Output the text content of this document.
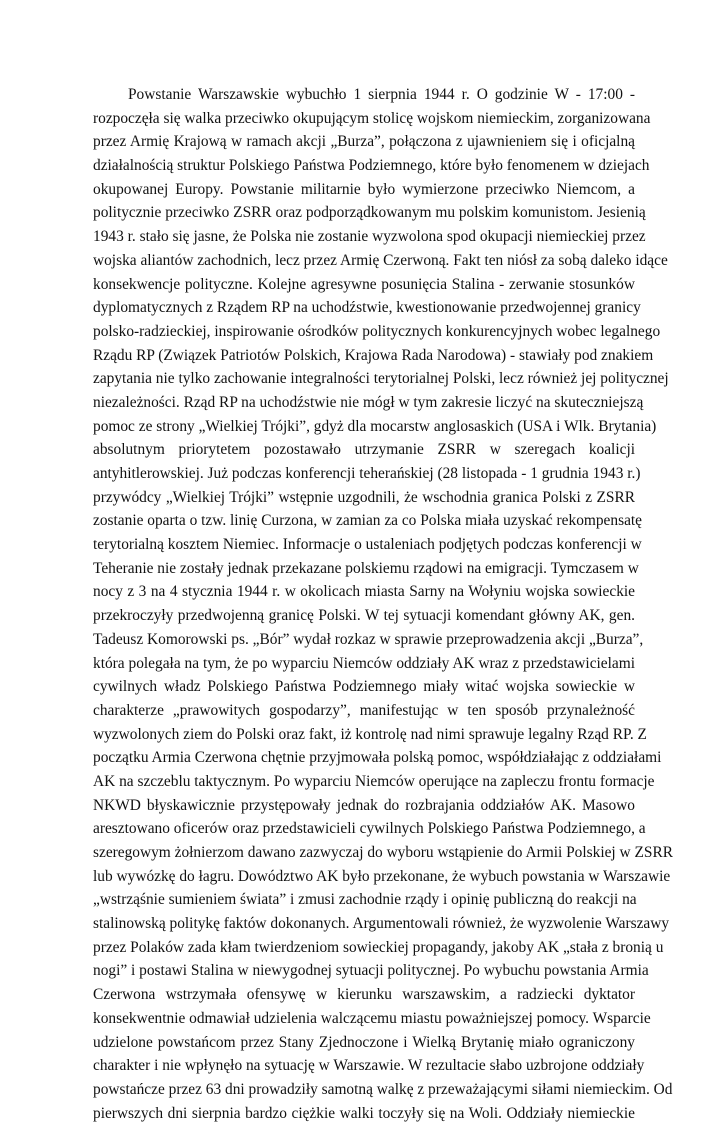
Powstanie Warszawskie wybuchło 1 sierpnia 1944 r. O godzinie W - 17:00 -
rozpoczęła się walka przeciwko okupującym stolicę wojskom niemieckim, zorganizowana
przez Armię Krajową w ramach akcji „Burza”, połączona z ujawnieniem się i oficjalną
działalnością struktur Polskiego Państwa Podziemnego, które było fenomenem w dziejach
okupowanej Europy. Powstanie militarnie było wymierzone przeciwko Niemcom, a
politycznie przeciwko ZSRR oraz podporządkowanym mu polskim komunistom. Jesienią
1943 r. stało się jasne, że Polska nie zostanie wyzwolona spod okupacji niemieckiej przez
wojska aliantów zachodnich, lecz przez Armię Czerwoną. Fakt ten niósł za sobą daleko idące
konsekwencje polityczne. Kolejne agresywne posunięcia Stalina - zerwanie stosunków
dyplomatycznych z Rządem RP na uchodźstwie, kwestionowanie przedwojennej granicy
polsko-radzieckiej, inspirowanie ośrodków politycznych konkurencyjnych wobec legalnego
Rządu RP (Związek Patriotów Polskich, Krajowa Rada Narodowa) - stawiały pod znakiem
zapytania nie tylko zachowanie integralności terytorialnej Polski, lecz również jej politycznej
niezależności. Rząd RP na uchodźstwie nie mógł w tym zakresie liczyć na skuteczniejszą
pomoc ze strony „Wielkiej Trójki”, gdyż dla mocarstw anglosaskich (USA i Wlk. Brytania)
absolutnym priorytetem pozostawało utrzymanie ZSRR w szeregach koalicji
antyhitlerowskiej. Już podczas konferencji teherańskiej (28 listopada - 1 grudnia 1943 r.)
przywódcy „Wielkiej Trójki” wstępnie uzgodnili, że wschodnia granica Polski z ZSRR
zostanie oparta o tzw. linię Curzona, w zamian za co Polska miała uzyskać rekompensatę
terytorialną kosztem Niemiec. Informacje o ustaleniach podjętych podczas konferencji w
Teheranie nie zostały jednak przekazane polskiemu rządowi na emigracji. Tymczasem w
nocy z 3 na 4 stycznia 1944 r. w okolicach miasta Sarny na Wołyniu wojska sowieckie
przekroczyły przedwojenną granicę Polski. W tej sytuacji komendant główny AK, gen.
Tadeusz Komorowski ps. „Bór” wydał rozkaz w sprawie przeprowadzenia akcji „Burza”,
która polegała na tym, że po wyparciu Niemców oddziały AK wraz z przedstawicielami
cywilnych władz Polskiego Państwa Podziemnego miały witać wojska sowieckie w
charakterze „prawowitych gospodarzy”, manifestując w ten sposób przynależność
wyzwolonych ziem do Polski oraz fakt, iż kontrolę nad nimi sprawuje legalny Rząd RP. Z
początku Armia Czerwona chętnie przyjmowała polską pomoc, współdziałając z oddziałami
AK na szczeblu taktycznym. Po wyparciu Niemców operujące na zapleczu frontu formacje
NKWD błyskawicznie przystępowały jednak do rozbrajania oddziałów AK. Masowo
aresztowano oficerów oraz przedstawicieli cywilnych Polskiego Państwa Podziemnego, a
szeregowym żołnierzom dawano zazwyczaj do wyboru wstąpienie do Armii Polskiej w ZSRR
lub wywózkę do łagru. Dowództwo AK było przekonane, że wybuch powstania w Warszawie
„wstrząśnie sumieniem świata” i zmusi zachodnie rządy i opinię publiczną do reakcji na
stalinowską politykę faktów dokonanych. Argumentowali również, że wyzwolenie Warszawy
przez Polaków zada kłam twierdzeniom sowieckiej propagandy, jakoby AK „stała z bronią u
nogi” i postawi Stalina w niewygodnej sytuacji politycznej. Po wybuchu powstania Armia
Czerwona wstrzymała ofensywę w kierunku warszawskim, a radziecki dyktator
konsekwentnie odmawiał udzielenia walczącemu miastu poważniejszej pomocy. Wsparcie
udzielone powstańcom przez Stany Zjednoczone i Wielką Brytanię miało ograniczony
charakter i nie wpłynęło na sytuację w Warszawie. W rezultacie słabo uzbrojone oddziały
powstańcze przez 63 dni prowadziły samotną walkę z przeważającymi siłami niemieckim. Od
pierwszych dni sierpnia bardzo ciężkie walki toczyły się na Woli. Oddziały niemieckie
